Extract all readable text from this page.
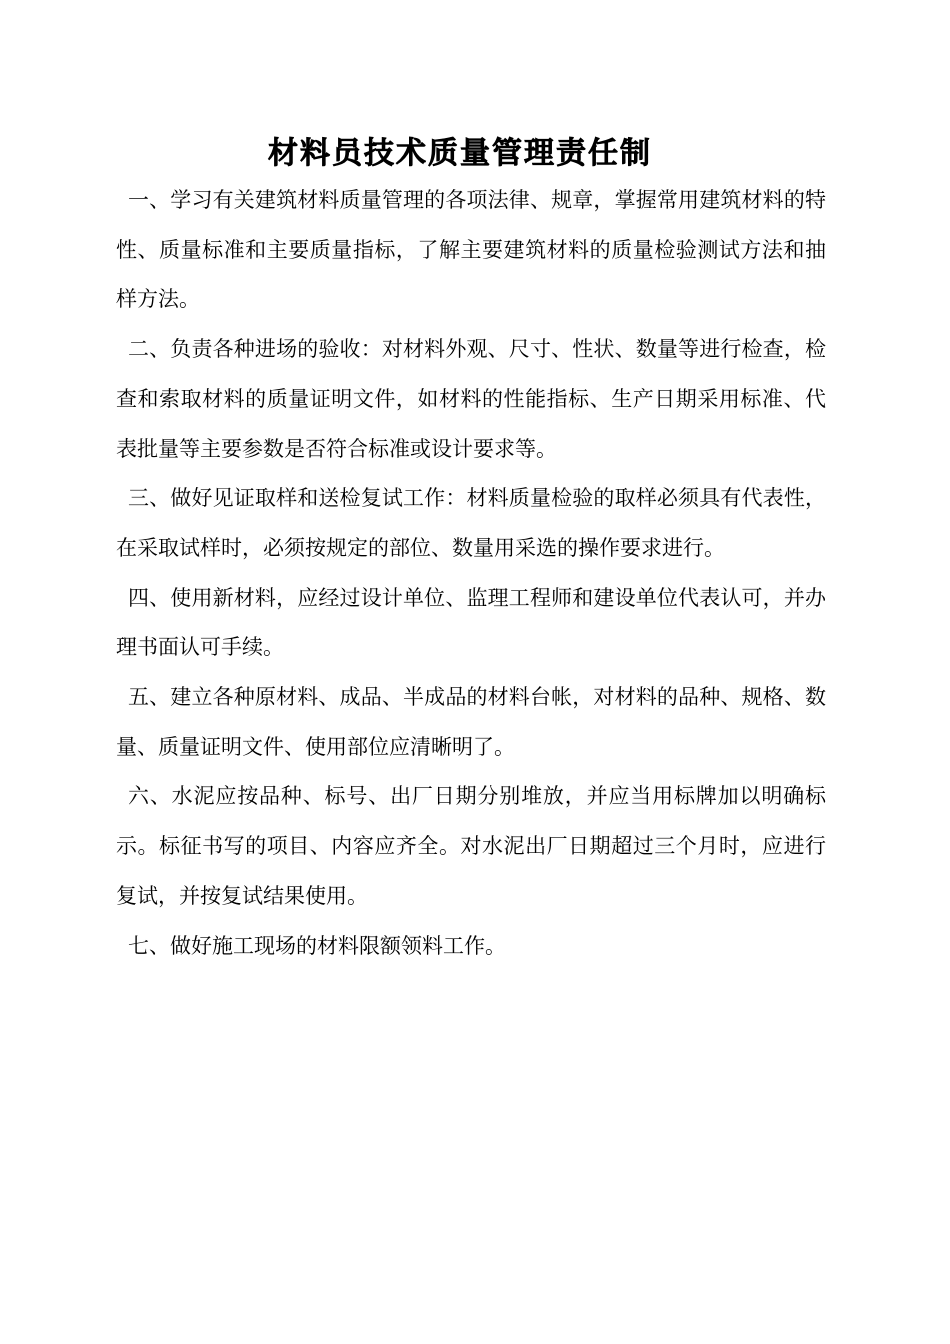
材料员技术质量管理责任制

一、学习有关建筑材料质量管理的各项法律、规章，掌握常用建筑材料的特性、质量标准和主要质量指标，了解主要建筑材料的质量检验测试方法和抽样方法。

二、负责各种进场的验收：对材料外观、尺寸、性状、数量等进行检查，检查和索取材料的质量证明文件，如材料的性能指标、生产日期采用标准、代表批量等主要参数是否符合标准或设计要求等。

三、做好见证取样和送检复试工作：材料质量检验的取样必须具有代表性，在采取试样时，必须按规定的部位、数量用采选的操作要求进行。

四、使用新材料，应经过设计单位、监理工程师和建设单位代表认可，并办理书面认可手续。

五、建立各种原材料、成品、半成品的材料台帐，对材料的品种、规格、数量、质量证明文件、使用部位应清晰明了。

六、水泥应按品种、标号、出厂日期分别堆放，并应当用标牌加以明确标示。标征书写的项目、内容应齐全。对水泥出厂日期超过三个月时，应进行复试，并按复试结果使用。

七、做好施工现场的材料限额领料工作。
